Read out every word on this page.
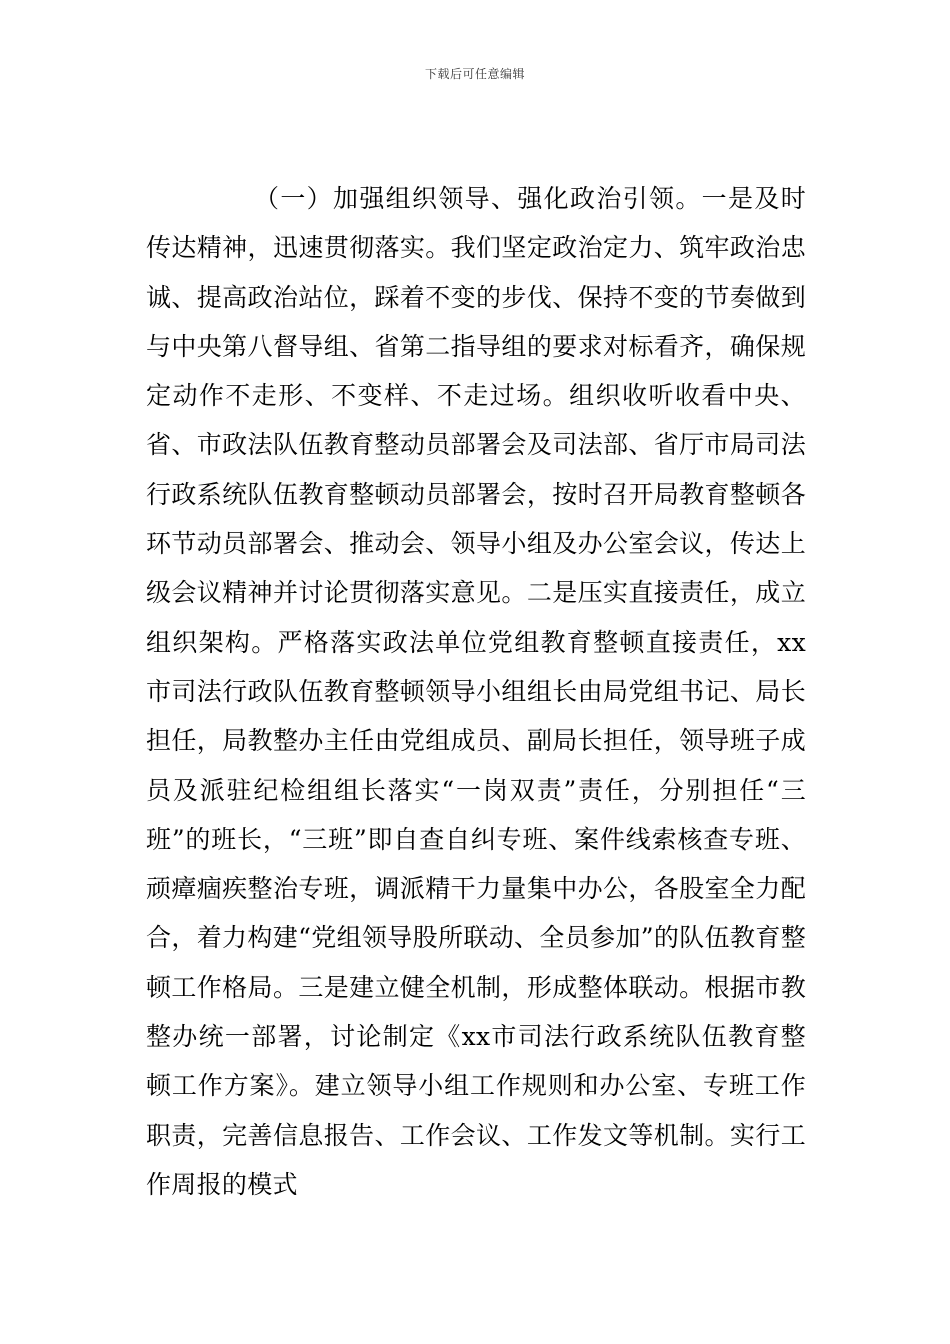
下载后可任意编辑

（一）加强组织领导、强化政治引领。一是及时传达精神，迅速贯彻落实。我们坚定政治定力、筑牢政治忠诚、提高政治站位，踩着不变的步伐、保持不变的节奏做到与中央第八督导组、省第二指导组的要求对标看齐，确保规定动作不走形、不变样、不走过场。组织收听收看中央、省、市政法队伍教育整动员部署会及司法部、省厅市局司法行政系统队伍教育整顿动员部署会，按时召开局教育整顿各环节动员部署会、推动会、领导小组及办公室会议，传达上级会议精神并讨论贯彻落实意见。二是压实直接责任，成立组织架构。严格落实政法单位党组教育整顿直接责任，xx市司法行政队伍教育整顿领导小组组长由局党组书记、局长担任，局教整办主任由党组成员、副局长担任，领导班子成员及派驻纪检组组长落实“一岗双责”责任，分别担任“三班”的班长，“三班”即自查自纠专班、案件线索核查专班、顽瘴痼疾整治专班，调派精干力量集中办公，各股室全力配合，着力构建“党组领导股所联动、全员参加”的队伍教育整顿工作格局。三是建立健全机制，形成整体联动。根据市教整办统一部署，讨论制定《xx市司法行政系统队伍教育整顿工作方案》。建立领导小组工作规则和办公室、专班工作职责，完善信息报告、工作会议、工作发文等机制。实行工作周报的模式
